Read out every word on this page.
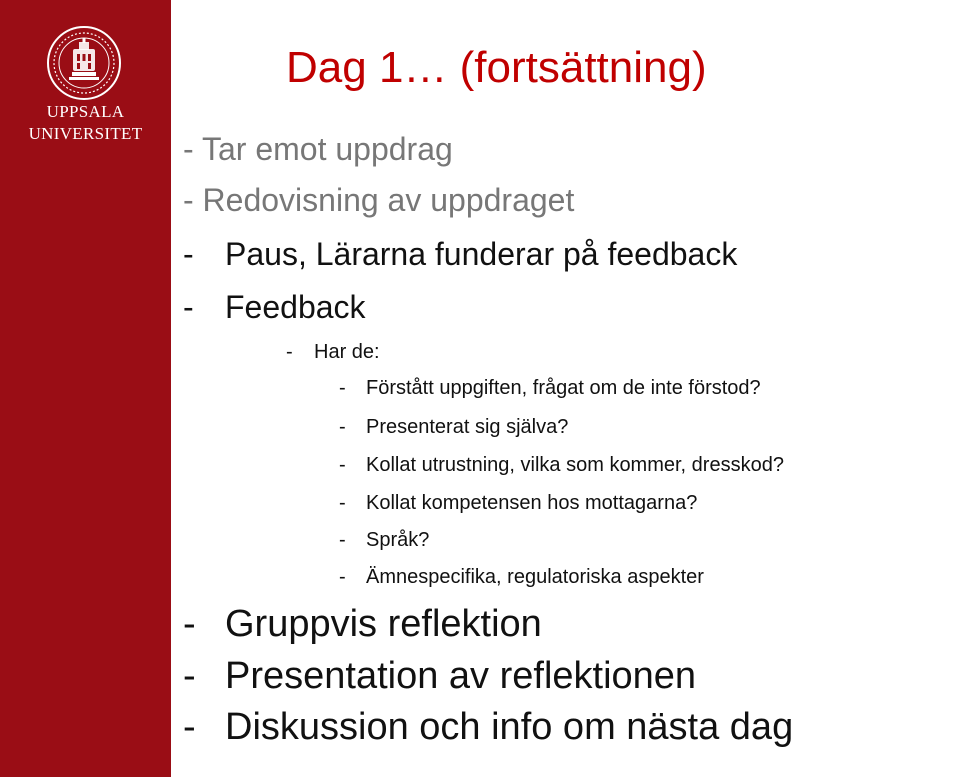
UPPSALA
UNIVERSITET
Dag 1… (fortsättning)
- Tar emot uppdrag
- Redovisning av uppdraget
- Paus, Lärarna funderar på feedback
- Feedback
- Har de:
- Förstått uppgiften, frågat om de inte förstod?
- Presenterat sig själva?
- Kollat utrustning, vilka som kommer, dresskod?
- Kollat kompetensen hos mottagarna?
- Språk?
- Ämnespecifika, regulatoriska aspekter
- Gruppvis reflektion
- Presentation av reflektionen
- Diskussion och info om nästa dag
